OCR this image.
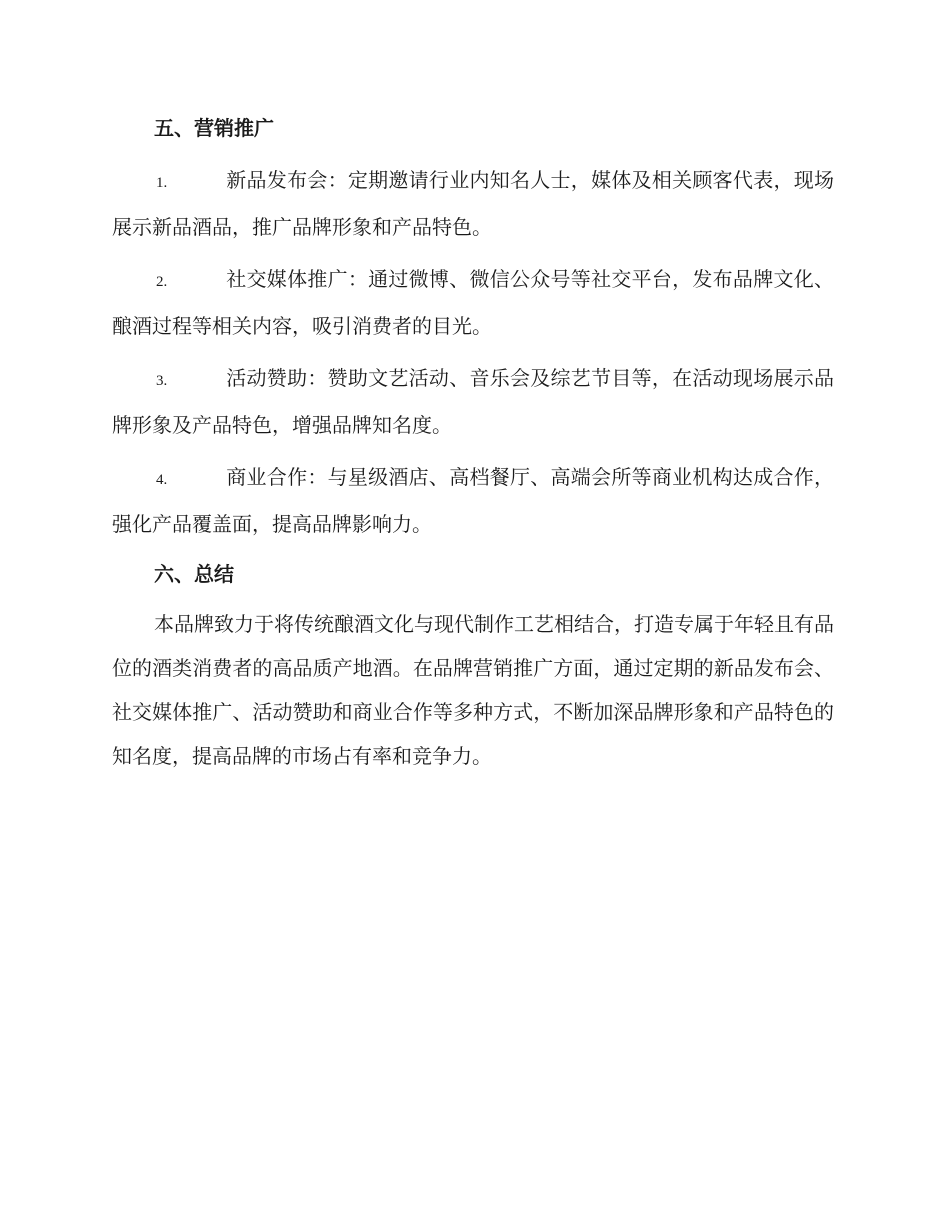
五、营销推广
1.	新品发布会：定期邀请行业内知名人士，媒体及相关顾客代表，现场展示新品酒品，推广品牌形象和产品特色。
2.	社交媒体推广：通过微博、微信公众号等社交平台，发布品牌文化、酿酒过程等相关内容，吸引消费者的目光。
3.	活动赞助：赞助文艺活动、音乐会及综艺节目等，在活动现场展示品牌形象及产品特色，增强品牌知名度。
4.	商业合作：与星级酒店、高档餐厅、高端会所等商业机构达成合作，强化产品覆盖面，提高品牌影响力。
六、总结

本品牌致力于将传统酿酒文化与现代制作工艺相结合，打造专属于年轻且有品位的酒类消费者的高品质产地酒。在品牌营销推广方面，通过定期的新品发布会、社交媒体推广、活动赞助和商业合作等多种方式，不断加深品牌形象和产品特色的知名度，提高品牌的市场占有率和竞争力。
